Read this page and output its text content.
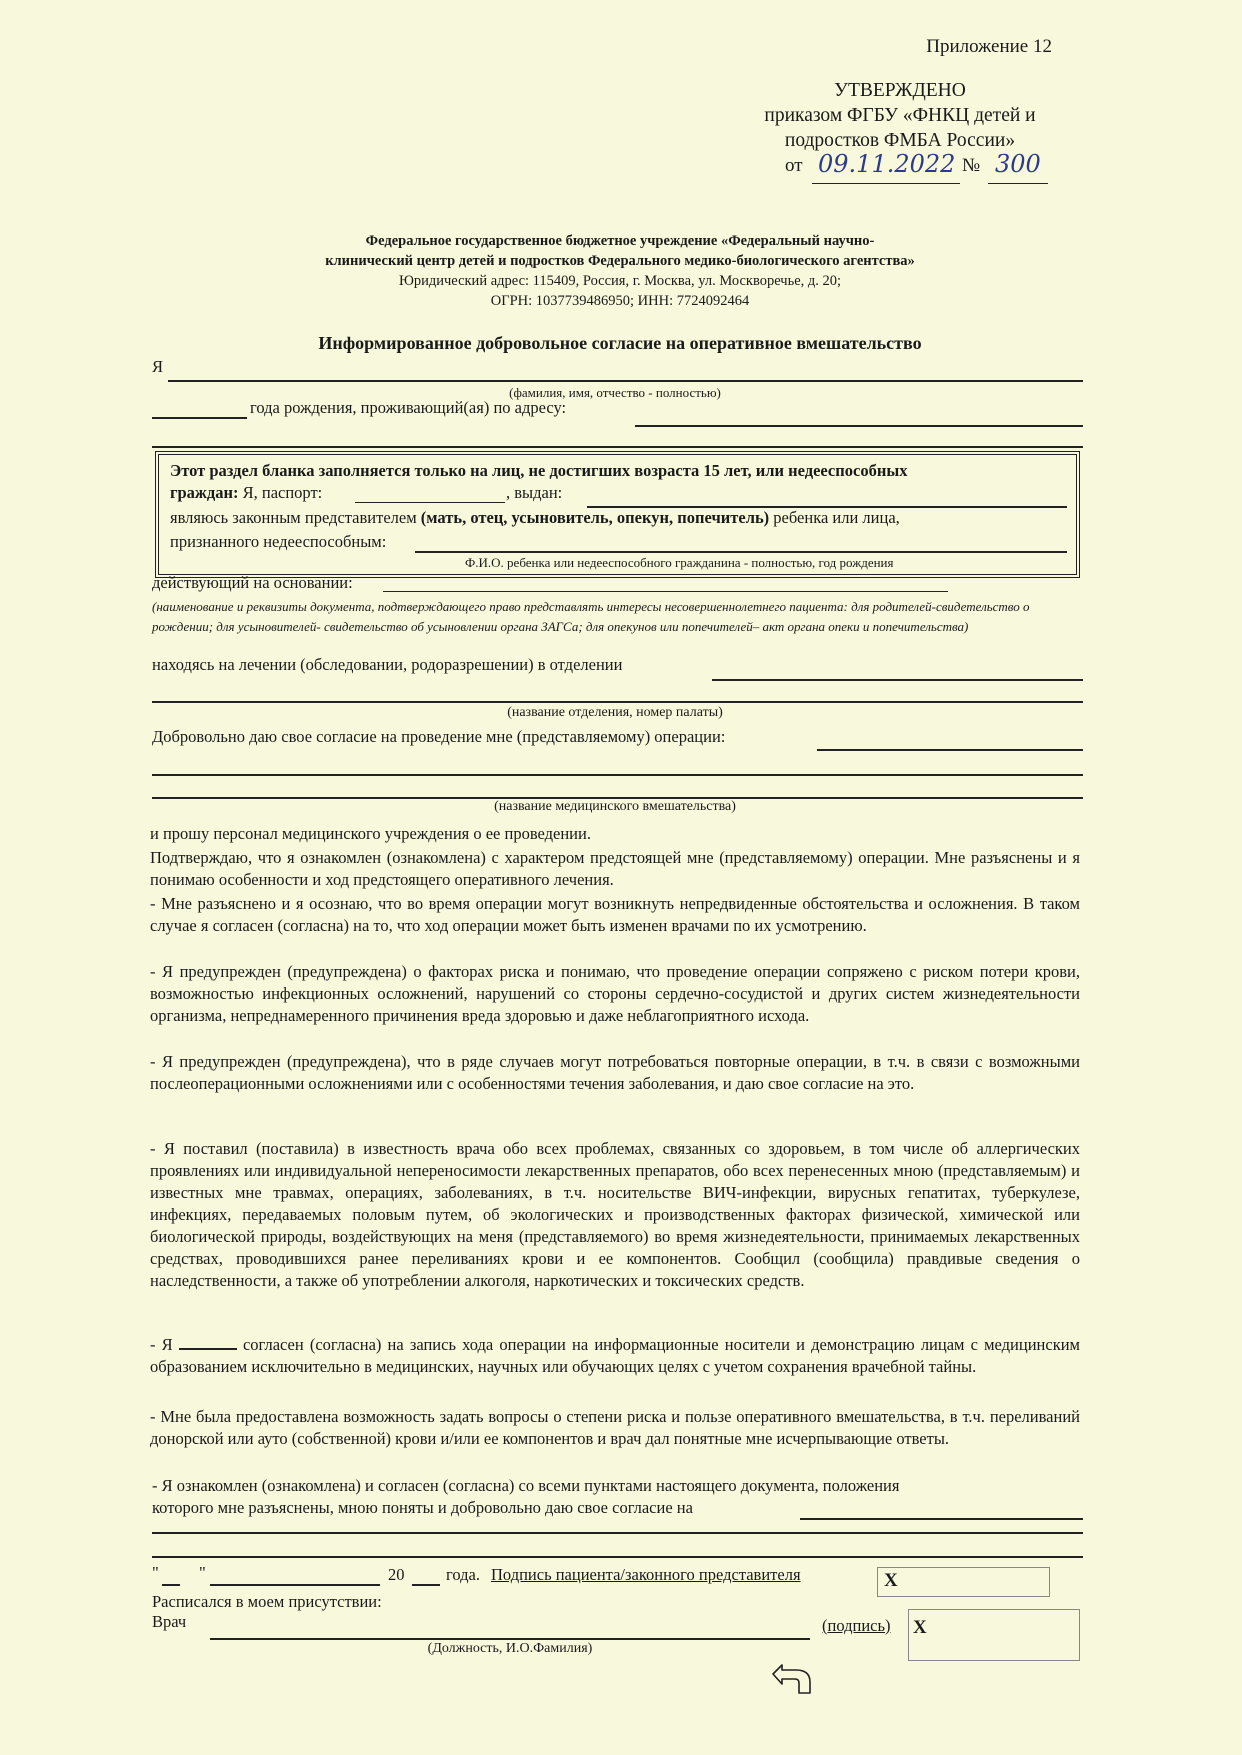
Приложение 12
УТВЕРЖДЕНО
приказом ФГБУ «ФНКЦ детей и
подростков ФМБА России»
от 09.11.2022 № 300
Федеральное государственное бюджетное учреждение «Федеральный научно-
клинический центр детей и подростков Федерального медико-биологического агентства»
Юридический адрес: 115409, Россия, г. Москва, ул. Москворечье, д. 20;
ОГРН: 1037739486950; ИНН: 7724092464
Информированное добровольное согласие на оперативное вмешательство
Я
(фамилия, имя, отчество - полностью)
года рождения, проживающий(ая) по адресу:
Этот раздел бланка заполняется только на лиц, не достигших возраста 15 лет, или недееспособных
граждан: Я, паспорт:	, выдан:
являюсь законным представителем (мать, отец, усыновитель, опекун, попечитель) ребенка или лица,
признанного недееспособным:
Ф.И.О. ребенка или недееспособного гражданина - полностью, год рождения
действующий на основании:
(наименование и реквизиты документа, подтверждающего право представлять интересы несовершеннолетнего пациента: для родителей-свидетельство о рождении; для усыновителей- свидетельство об усыновлении органа ЗАГСа; для опекунов или попечителей– акт органа опеки и попечительства)
находясь на лечении (обследовании, родоразрешении) в отделении
(название отделения, номер палаты)
Добровольно даю свое согласие на проведение мне (представляемому) операции:
(название медицинского вмешательства)
и прошу персонал медицинского учреждения о ее проведении.
Подтверждаю, что я ознакомлен (ознакомлена) с характером предстоящей мне (представляемому) операции. Мне разъяснены и я понимаю особенности и ход предстоящего оперативного лечения.
- Мне разъяснено и я осознаю, что во время операции могут возникнуть непредвиденные обстоятельства и осложнения. В таком случае я согласен (согласна) на то, что ход операции может быть изменен врачами по их усмотрению.
- Я предупрежден (предупреждена) о факторах риска и понимаю, что проведение операции сопряжено с риском потери крови, возможностью инфекционных осложнений, нарушений со стороны сердечно-сосудистой и других систем жизнедеятельности организма, непреднамеренного причинения вреда здоровью и даже неблагоприятного исхода.
- Я предупрежден (предупреждена), что в ряде случаев могут потребоваться повторные операции, в т.ч. в связи с возможными послеоперационными осложнениями или с особенностями течения заболевания, и даю свое согласие на это.
- Я поставил (поставила) в известность врача обо всех проблемах, связанных со здоровьем, в том числе об аллергических проявлениях или индивидуальной непереносимости лекарственных препаратов, обо всех перенесенных мною (представляемым) и известных мне травмах, операциях, заболеваниях, в т.ч. носительстве ВИЧ-инфекции, вирусных гепатитах, туберкулезе, инфекциях, передаваемых половым путем, об экологических и производственных факторах физической, химической или биологической природы, воздействующих на меня (представляемого) во время жизнедеятельности, принимаемых лекарственных средствах, проводившихся ранее переливаниях крови и ее компонентов. Сообщил (сообщила) правдивые сведения о наследственности, а также об употреблении алкоголя, наркотических и токсических средств.
- Я	согласен (согласна) на запись хода операции на информационные носители и демонстрацию лицам с медицинским образованием исключительно в медицинских, научных или обучающих целях с учетом сохранения врачебной тайны.
- Мне была предоставлена возможность задать вопросы о степени риска и пользе оперативного вмешательства, в т.ч. переливаний донорской или ауто (собственной) крови и/или ее компонентов и врач дал понятные мне исчерпывающие ответы.
- Я ознакомлен (ознакомлена) и согласен (согласна) со всеми пунктами настоящего документа, положения
которого мне разъяснены, мною поняты и добровольно даю свое согласие на
" "	20	года. Подпись пациента/законного представителя	X
Расписался в моем присутствии:
Врач
(Должность, И.О.Фамилия)
(подпись) X
